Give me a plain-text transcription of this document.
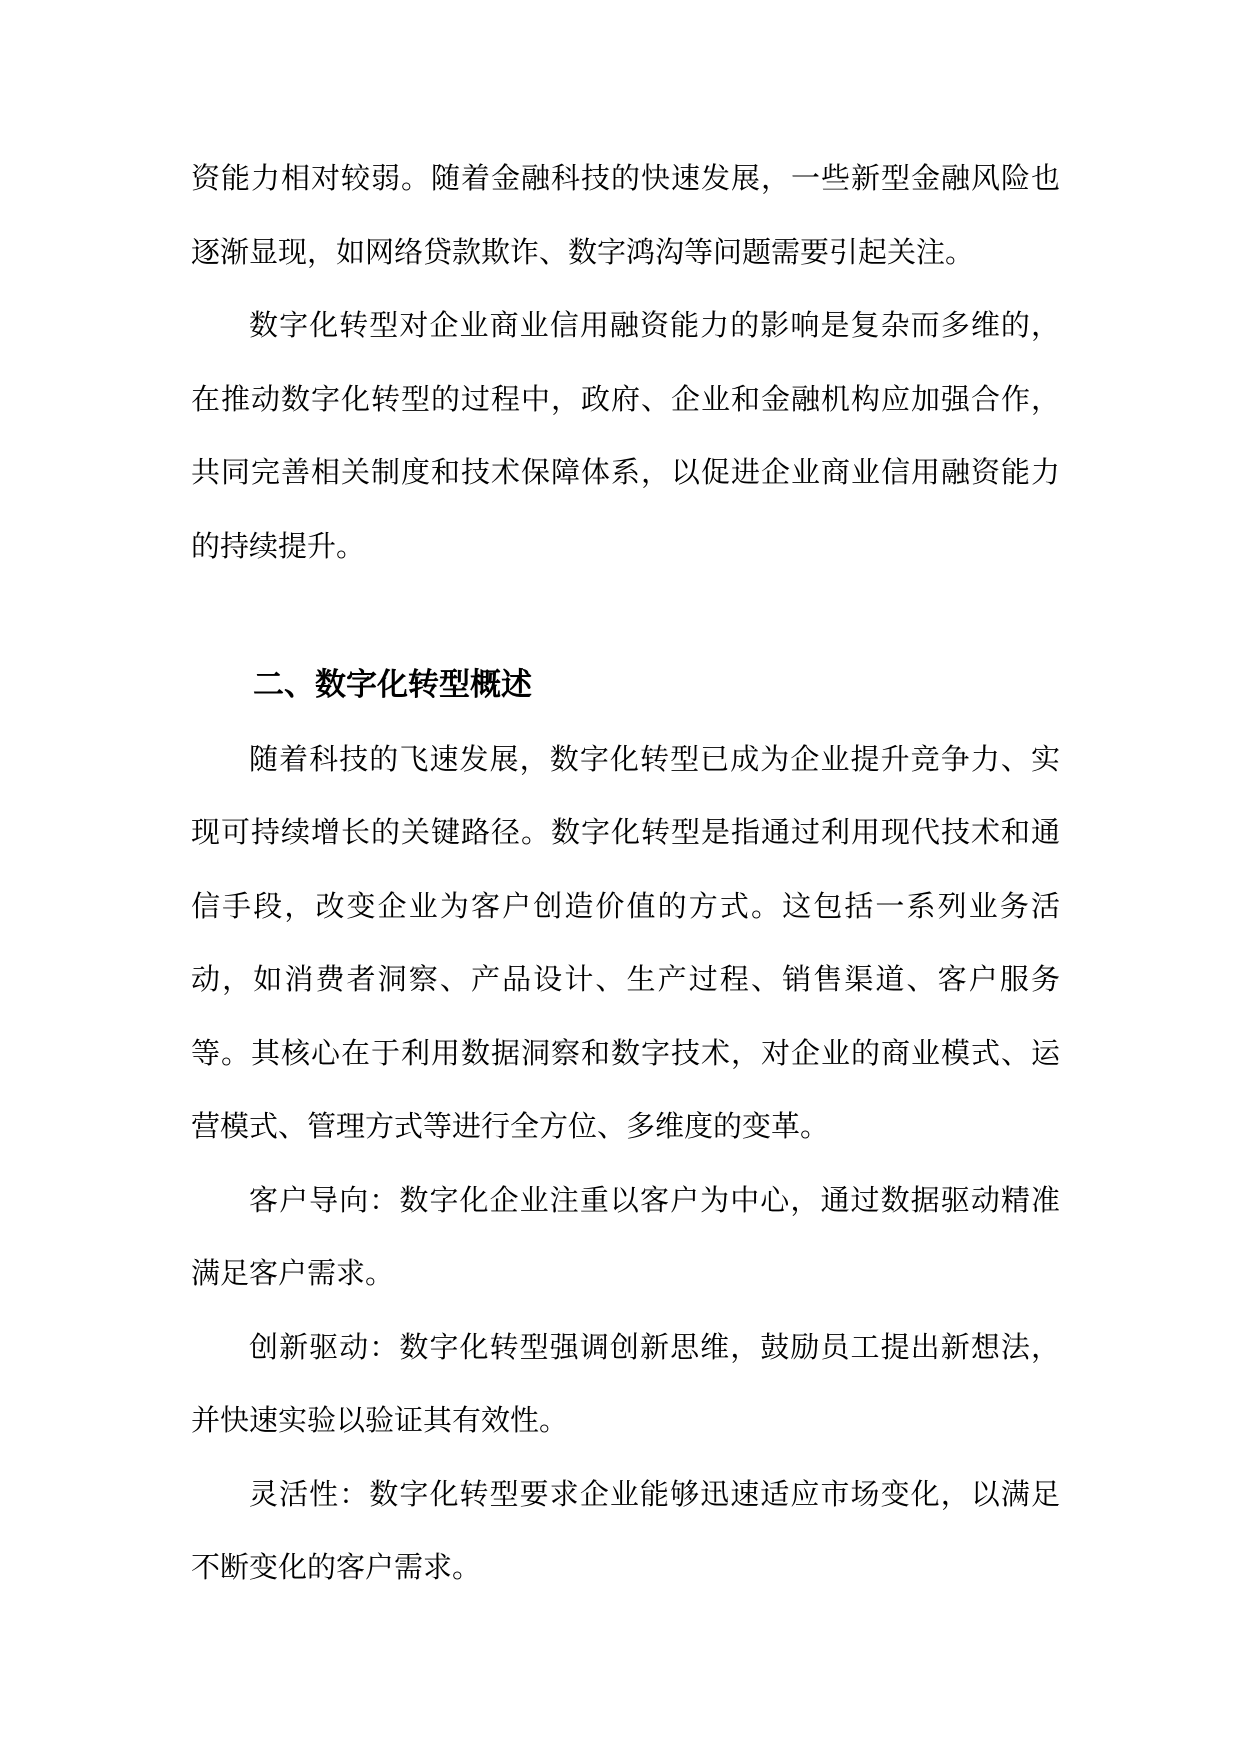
资能力相对较弱。随着金融科技的快速发展，一些新型金融风险也逐渐显现，如网络贷款欺诈、数字鸿沟等问题需要引起关注。

数字化转型对企业商业信用融资能力的影响是复杂而多维的，在推动数字化转型的过程中，政府、企业和金融机构应加强合作，共同完善相关制度和技术保障体系，以促进企业商业信用融资能力的持续提升。

二、数字化转型概述

随着科技的飞速发展，数字化转型已成为企业提升竞争力、实现可持续增长的关键路径。数字化转型是指通过利用现代技术和通信手段，改变企业为客户创造价值的方式。这包括一系列业务活动，如消费者洞察、产品设计、生产过程、销售渠道、客户服务等。其核心在于利用数据洞察和数字技术，对企业的商业模式、运营模式、管理方式等进行全方位、多维度的变革。

客户导向：数字化企业注重以客户为中心，通过数据驱动精准满足客户需求。

创新驱动：数字化转型强调创新思维，鼓励员工提出新想法，并快速实验以验证其有效性。

灵活性：数字化转型要求企业能够迅速适应市场变化，以满足不断变化的客户需求。
